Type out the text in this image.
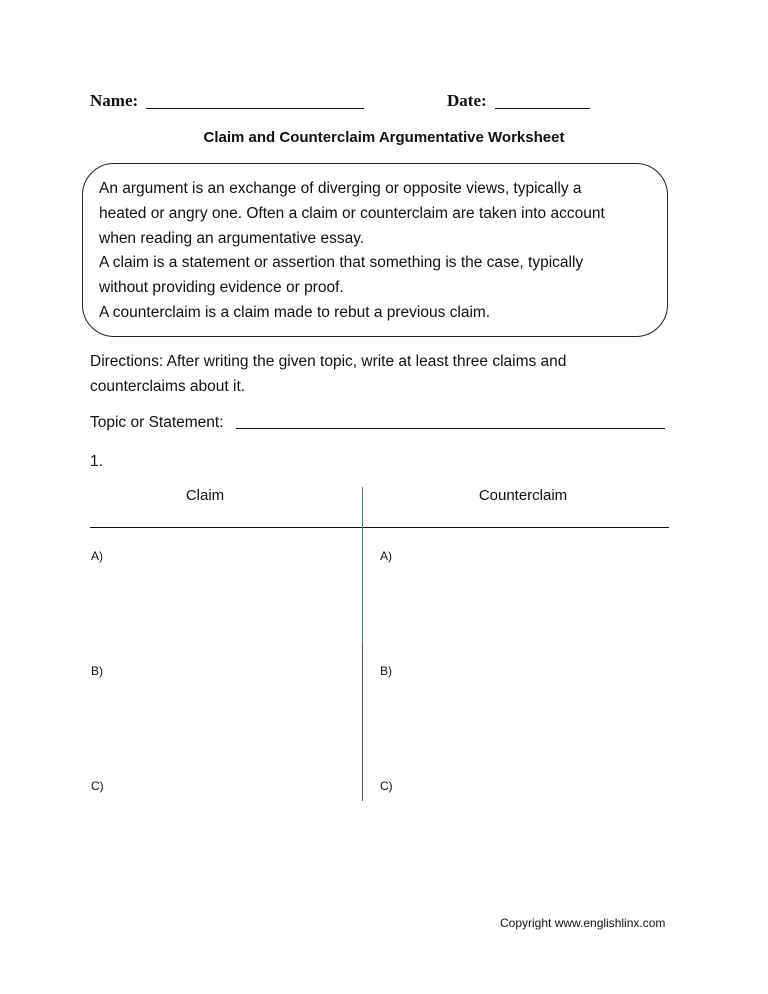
Name:	Date:
Claim and Counterclaim Argumentative Worksheet
An argument is an exchange of diverging or opposite views, typically a
heated or angry one. Often a claim or counterclaim are taken into account
when reading an argumentative essay.
A claim is a statement or assertion that something is the case, typically
without providing evidence or proof.
A counterclaim is a claim made to rebut a previous claim.
Directions: After writing the given topic, write at least three claims and
counterclaims about it.
Topic or Statement:
1.
Claim	Counterclaim
A)	A)
B)	B)
C)	C)
Copyright www.englishlinx.com
